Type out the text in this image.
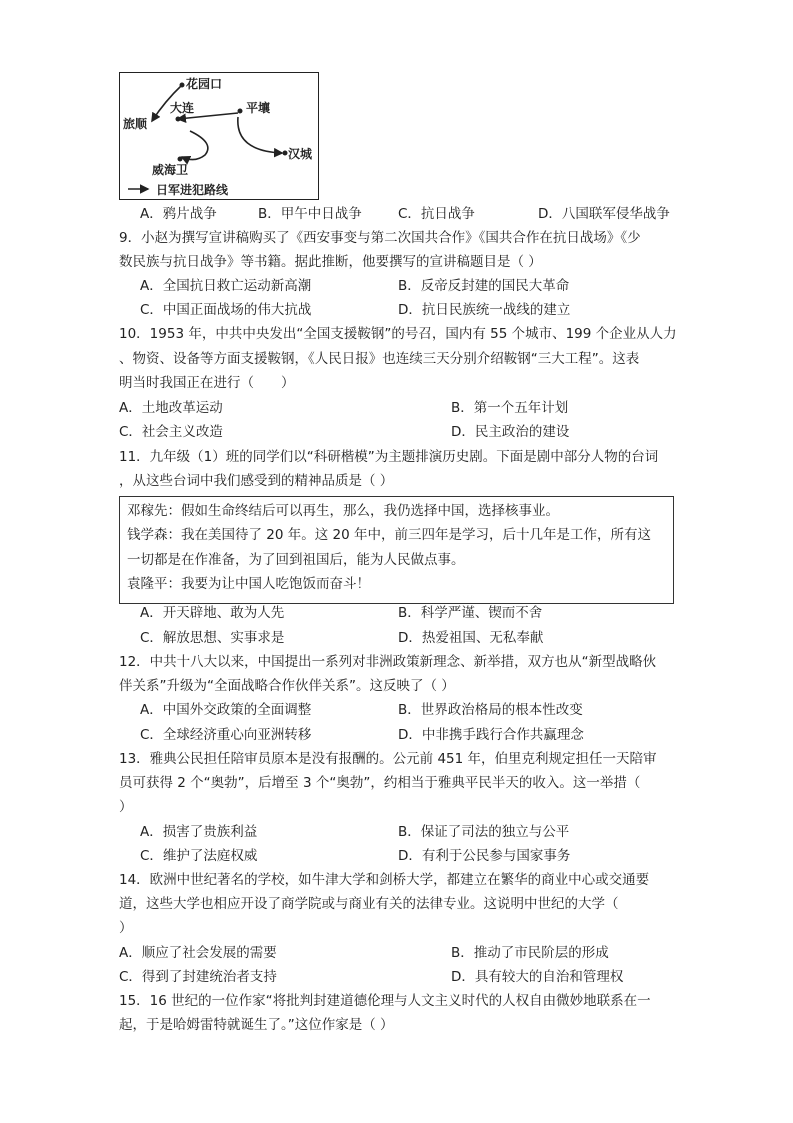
花园口
大连	平壤
旅顺
汉城
威海卫
日军进犯路线
A．鸦片战争	B．甲午中日战争	C．抗日战争	D．八国联军侵华战争
9．小赵为撰写宣讲稿购买了《西安事变与第二次国共合作》《国共合作在抗日战场》《少
数民族与抗日战争》等书籍。据此推断，他要撰写的宣讲稿题目是（ ）
A．全国抗日救亡运动新高潮	B．反帝反封建的国民大革命
C．中国正面战场的伟大抗战	D．抗日民族统一战线的建立
10．1953 年，中共中央发出“全国支援鞍钢”的号召，国内有 55 个城市、199 个企业从人力
、物资、设备等方面支援鞍钢，《人民日报》也连续三天分别介绍鞍钢“三大工程”。这表
明当时我国正在进行（　　）
A．土地改革运动	B．第一个五年计划
C．社会主义改造	D．民主政治的建设
11．九年级（1）班的同学们以“科研楷模”为主题排演历史剧。下面是剧中部分人物的台词
，从这些台词中我们感受到的精神品质是（ ）
邓稼先：假如生命终结后可以再生，那么，我仍选择中国，选择核事业。
钱学森：我在美国待了 20 年。这 20 年中，前三四年是学习，后十几年是工作，所有这
一切都是在作准备，为了回到祖国后，能为人民做点事。
袁隆平：我要为让中国人吃饱饭而奋斗！
A．开天辟地、敢为人先	B．科学严谨、锲而不舍
C．解放思想、实事求是	D．热爱祖国、无私奉献
12．中共十八大以来，中国提出一系列对非洲政策新理念、新举措，双方也从“新型战略伙
伴关系”升级为“全面战略合作伙伴关系”。这反映了（ ）
A．中国外交政策的全面调整	B．世界政治格局的根本性改变
C．全球经济重心向亚洲转移	D．中非携手践行合作共赢理念
13．雅典公民担任陪审员原本是没有报酬的。公元前 451 年，伯里克利规定担任一天陪审
员可获得 2 个“奥勃”，后增至 3 个“奥勃”，约相当于雅典平民半天的收入。这一举措（
）
A．损害了贵族利益	B．保证了司法的独立与公平
C．维护了法庭权威	D．有利于公民参与国家事务
14．欧洲中世纪著名的学校，如牛津大学和剑桥大学，都建立在繁华的商业中心或交通要
道，这些大学也相应开设了商学院或与商业有关的法律专业。这说明中世纪的大学（
）
A．顺应了社会发展的需要	B．推动了市民阶层的形成
C．得到了封建统治者支持	D．具有较大的自治和管理权
15．16 世纪的一位作家“将批判封建道德伦理与人文主义时代的人权自由微妙地联系在一
起，于是哈姆雷特就诞生了。”这位作家是（ ）
